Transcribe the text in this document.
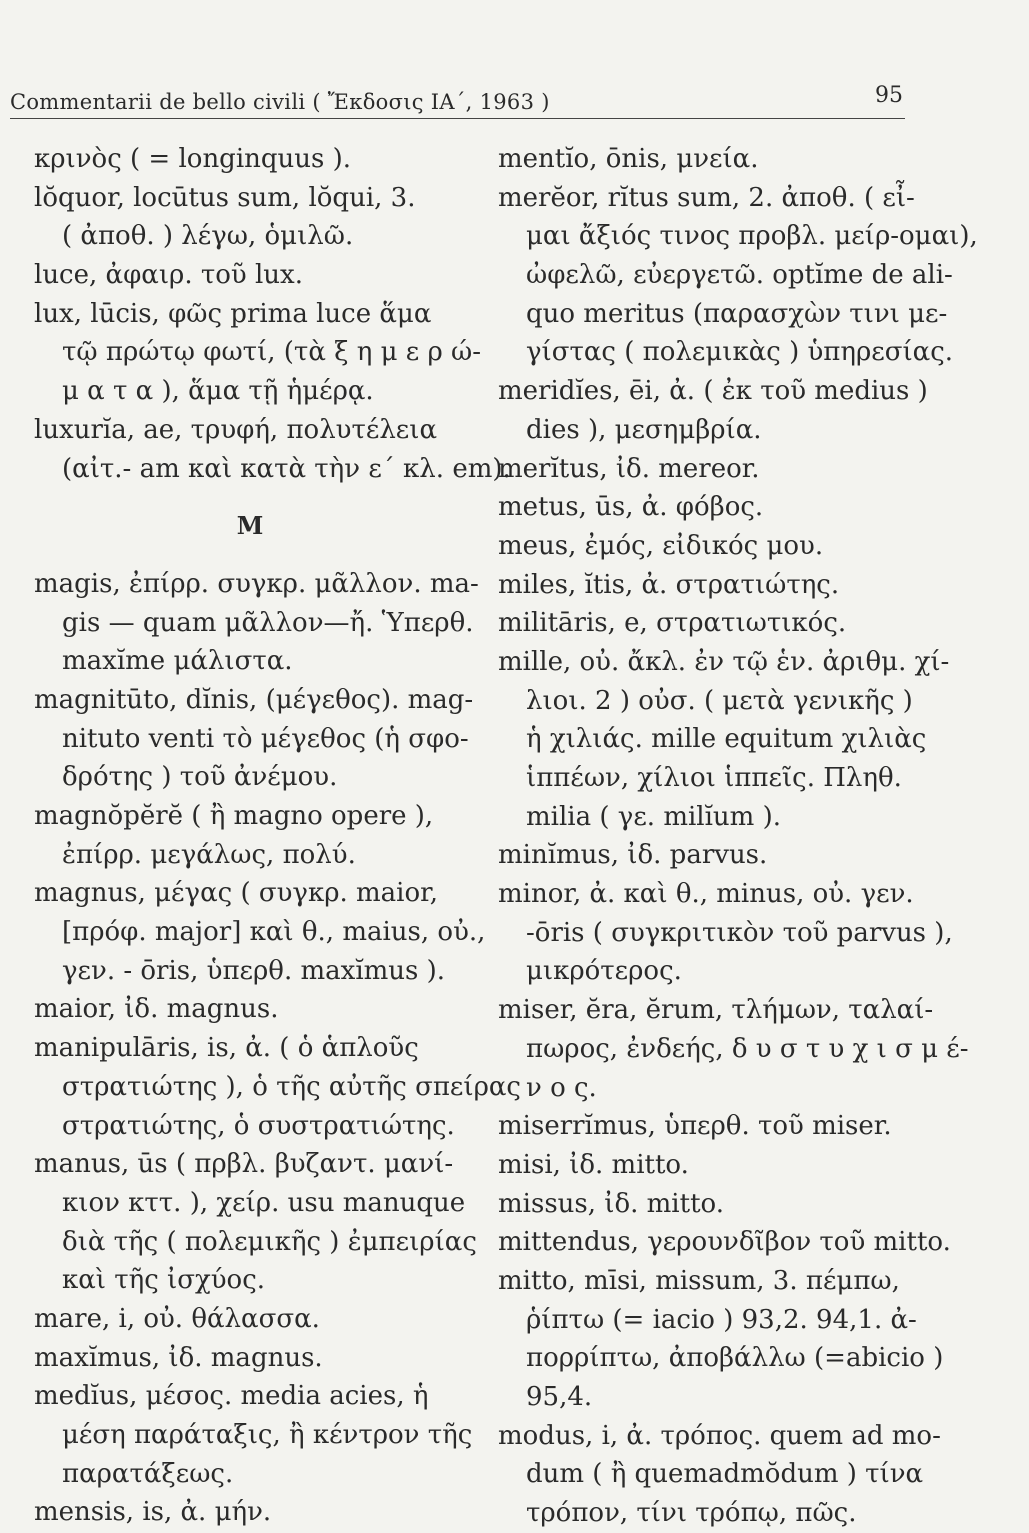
Commentarii de bello civili ( Ἔκδοσις ΙΑ΄, 1963 )	95
κρινὸς ( = longinquus ).
lŏquor, locūtus sum, lŏqui, 3.
( ἀποθ. ) λέγω, ὁμιλῶ.
luce, ἀφαιρ. τοῦ lux.
lux, lūcis, φῶς prima luce ἅμα
τῷ πρώτῳ φωτί, (τὰ ξ η μ ε ρ ώ-
μ α τ α ), ἅμα τῇ ἡμέρᾳ.
luxurĭa, ae, τρυφή, πολυτέλεια
(αἰτ.- am καὶ κατὰ τὴν ε΄ κλ. em).
M
magis, ἐπίρρ. συγκρ. μᾶλλον. ma-
gis — quam μᾶλλον—ἤ. Ὑπερθ.
maxĭme μάλιστα.
magnitūto, dĭnis, (μέγεθος). mag-
nituto venti τὸ μέγεθος (ἡ σφο-
δρότης ) τοῦ ἀνέμου.
magnŏpĕrĕ ( ἢ magno opere ),
ἐπίρρ. μεγάλως, πολύ.
magnus, μέγας ( συγκρ. maior,
[πρόφ. major] καὶ θ., maius, οὐ.,
γεν. - ōris, ὑπερθ. maxĭmus ).
maior, ἰδ. magnus.
manipulāris, is, ἀ. ( ὁ ἁπλοῦς
στρατιώτης ), ὁ τῆς αὐτῆς σπείρας
στρατιώτης, ὁ συστρατιώτης.
manus, ūs ( πρβλ. βυζαντ. μανί-
κιον κττ. ), χείρ. usu manuque
διὰ τῆς ( πολεμικῆς ) ἐμπειρίας
καὶ τῆς ἰσχύος.
mare, i, οὐ. θάλασσα.
maxĭmus, ἰδ. magnus.
medĭus, μέσος. media acies, ἡ
μέση παράταξις, ἢ κέντρον τῆς
παρατάξεως.
mensis, is, ἀ. μήν.
mentĭo, ōnis, μνεία.
merĕor, rĭtus sum, 2. ἀποθ. ( εἶ-
μαι ἄξιός τινος προβλ. μείρ-ομαι),
ὠφελῶ, εὐεργετῶ. optĭme de ali-
quo meritus (παρασχὼν τινι με-
γίστας ( πολεμικὰς ) ὑπηρεσίας.
meridĭes, ēi, ἀ. ( ἐκ τοῦ medius )
dies ), μεσημβρία.
merĭtus, ἰδ. mereor.
metus, ūs, ἀ. φόβος.
meus, ἐμός, εἰδικός μου.
miles, ĭtis, ἀ. στρατιώτης.
militāris, e, στρατιωτικός.
mille, οὐ. ἄκλ. ἐν τῷ ἑν. ἀριθμ. χί-
λιοι. 2 ) οὐσ. ( μετὰ γενικῆς )
ἡ χιλιάς. mille equitum χιλιὰς
ἱππέων, χίλιοι ἱππεῖς. Πληθ.
milia ( γε. milĭum ).
minĭmus, ἰδ. parvus.
minor, ἀ. καὶ θ., minus, οὐ. γεν.
-ōris ( συγκριτικὸν τοῦ parvus ),
μικρότερος.
miser, ĕra, ĕrum, τλήμων, ταλαί-
πωρος, ἐνδεής, δ υ σ τ υ χ ι σ μ έ-
ν ο ς.
miserrĭmus, ὑπερθ. τοῦ miser.
misi, ἰδ. mitto.
missus, ἰδ. mitto.
mittendus, γερουνδῖβον τοῦ mitto.
mitto, mīsi, missum, 3. πέμπω,
ῥίπτω (= iacio ) 93,2. 94,1. ἀ-
πορρίπτω, ἀποβάλλω (=abicio )
95,4.
modus, i, ἀ. τρόπος. quem ad mo-
dum ( ἢ quemadmŏdum ) τίνα
τρόπον, τίνι τρόπῳ, πῶς.
